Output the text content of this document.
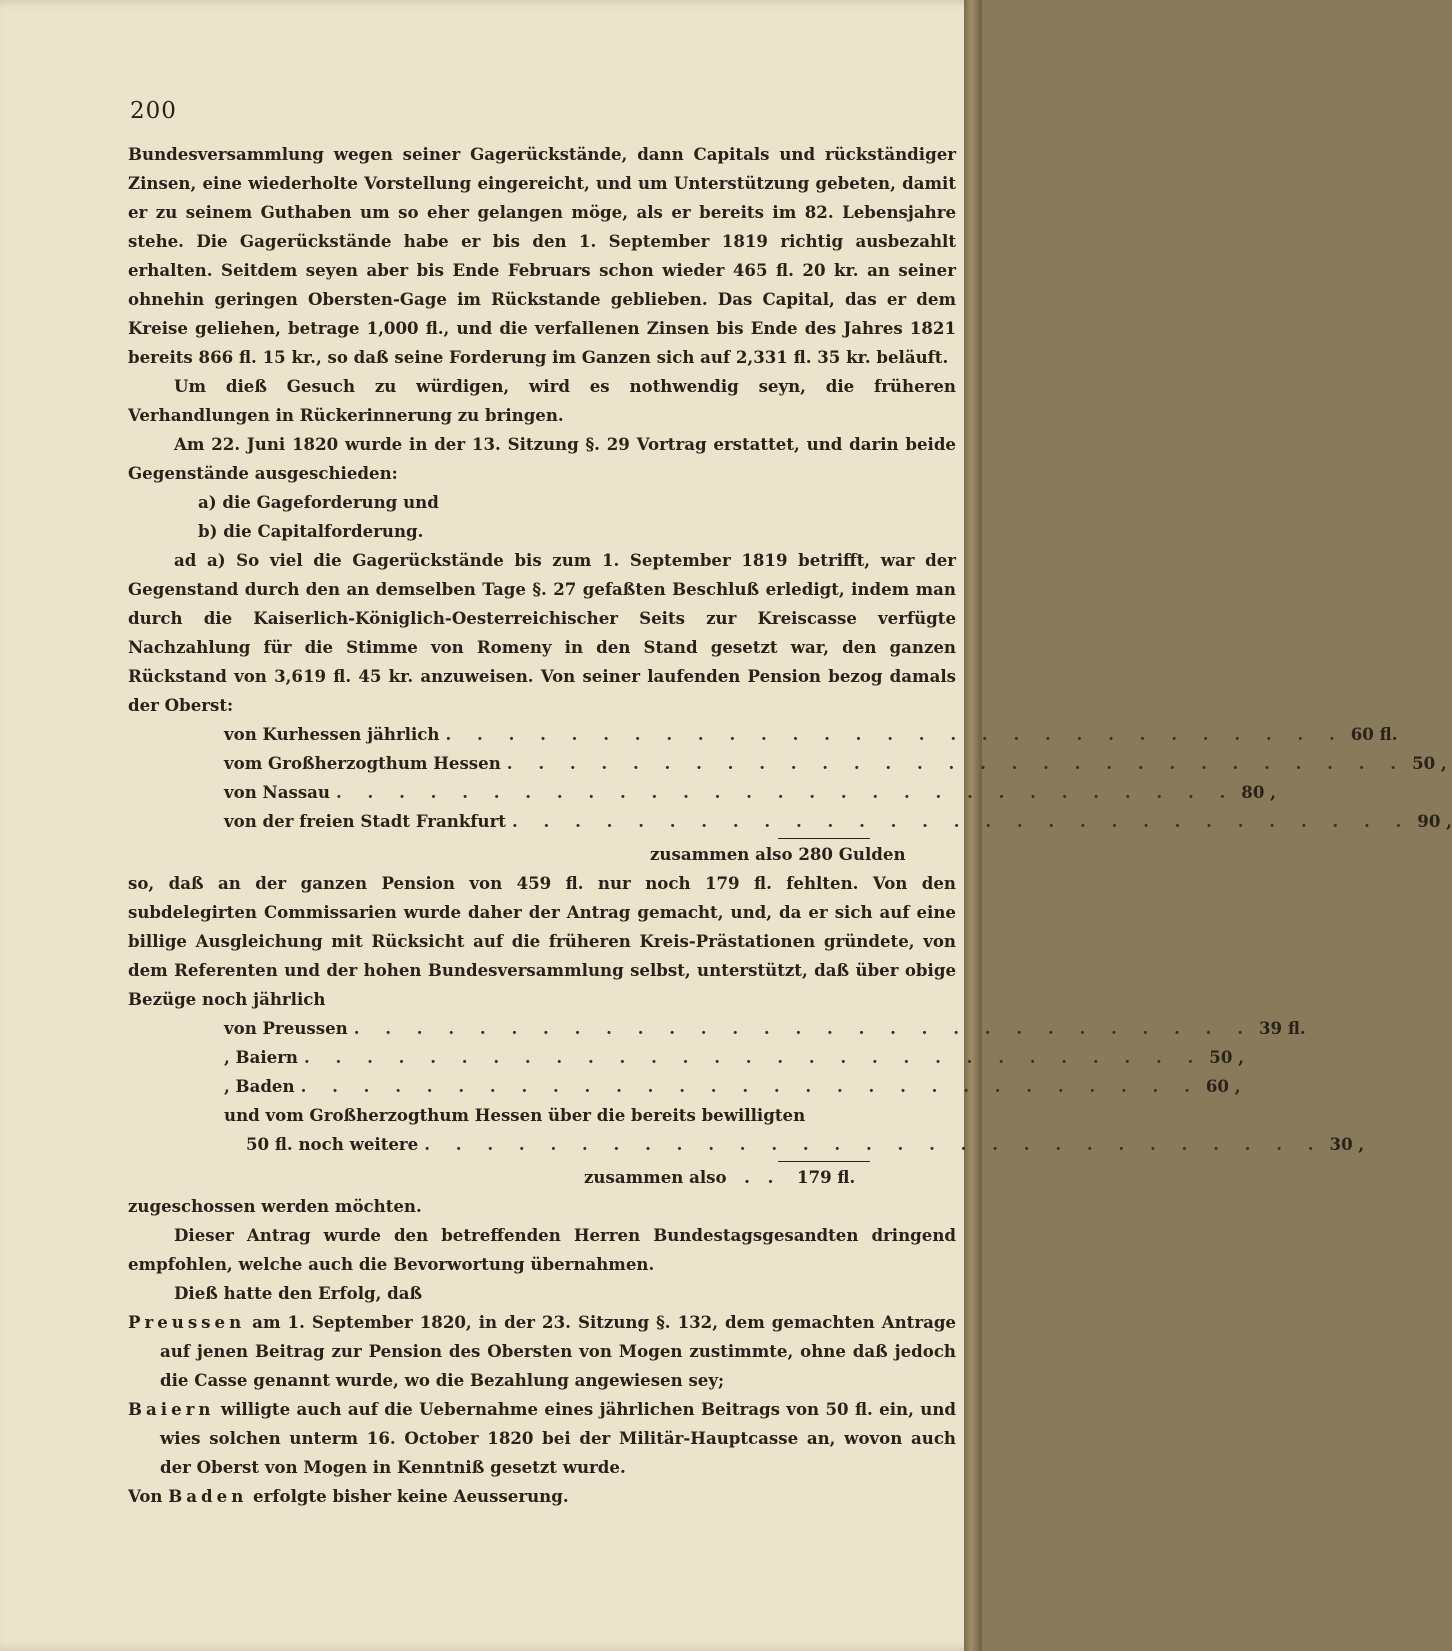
200

Bundesversammlung wegen seiner Gagerückstände, dann Capitals und rückständiger Zinsen, eine wiederholte Vorstellung eingereicht, und um Unterstützung gebeten, damit er zu seinem Guthaben um so eher gelangen möge, als er bereits im 82. Lebensjahre stehe. Die Gagerückstände habe er bis den 1. September 1819 richtig ausbezahlt erhalten. Seitdem seyen aber bis Ende Februars schon wieder 465 fl. 20 kr. an seiner ohnehin geringen Obersten-Gage im Rückstande geblieben. Das Capital, das er dem Kreise geliehen, betrage 1,000 fl., und die verfallenen Zinsen bis Ende des Jahres 1821 bereits 866 fl. 15 kr., so daß seine Forderung im Ganzen sich auf 2,331 fl. 35 kr. beläuft.

Um dieß Gesuch zu würdigen, wird es nothwendig seyn, die früheren Verhandlungen in Rückerinnerung zu bringen.

Am 22. Juni 1820 wurde in der 13. Sitzung §. 29 Vortrag erstattet, und darin beide Gegenstände ausgeschieden:

a) die Gageforderung und
b) die Capitalforderung.

ad a) So viel die Gagerückstände bis zum 1. September 1819 betrifft, war der Gegenstand durch den an demselben Tage §. 27 gefaßten Beschluß erledigt, indem man durch die Kaiserlich-Königlich-Oesterreichischer Seits zur Kreiscasse verfügte Nachzahlung für die Stimme von Romeny in den Stand gesetzt war, den ganzen Rückstand von 3,619 fl. 45 kr. anzuweisen. Von seiner laufenden Pension bezog damals der Oberst:

von Kurhessen jährlich . . . . . . . . . . . . . . . . . . . . . . . . . . . . . 60 fl.
vom Großherzogthum Hessen . . . . . . . . . . . . . . . . . . . . . . . . . . . . . 50 ,
von Nassau . . . . . . . . . . . . . . . . . . . . . . . . . . . . . 80 ,
von der freien Stadt Frankfurt . . . . . . . . . . . . . . . . . . . . . . . . . . . . . 90 ,
zusammen also 280 Gulden

so, daß an der ganzen Pension von 459 fl. nur noch 179 fl. fehlten. Von den subdelegirten Commissarien wurde daher der Antrag gemacht, und, da er sich auf eine billige Ausgleichung mit Rücksicht auf die früheren Kreis-Prästationen gründete, von dem Referenten und der hohen Bundesversammlung selbst, unterstützt, daß über obige Bezüge noch jährlich

von Preussen . . . . . . . . . . . . . . . . . . . . . . . . . . . . . 39 fl.
, Baiern . . . . . . . . . . . . . . . . . . . . . . . . . . . . . 50 ,
, Baden . . . . . . . . . . . . . . . . . . . . . . . . . . . . . 60 ,
und vom Großherzogthum Hessen über die bereits bewilligten
50 fl. noch weitere . . . . . . . . . . . . . . . . . . . . . . . . . . . . . 30 ,
zusammen also  . .  179 fl.

zugeschossen werden möchten.

Dieser Antrag wurde den betreffenden Herren Bundestagsgesandten dringend empfohlen, welche auch die Bevorwortung übernahmen.

Dieß hatte den Erfolg, daß

Preussen am 1. September 1820, in der 23. Sitzung §. 132, dem gemachten Antrage auf jenen Beitrag zur Pension des Obersten von Mogen zustimmte, ohne daß jedoch die Casse genannt wurde, wo die Bezahlung angewiesen sey;

Baiern willigte auch auf die Uebernahme eines jährlichen Beitrags von 50 fl. ein, und wies solchen unterm 16. October 1820 bei der Militär-Hauptcasse an, wovon auch der Oberst von Mogen in Kenntniß gesetzt wurde.

Von Baden erfolgte bisher keine Aeusserung.
